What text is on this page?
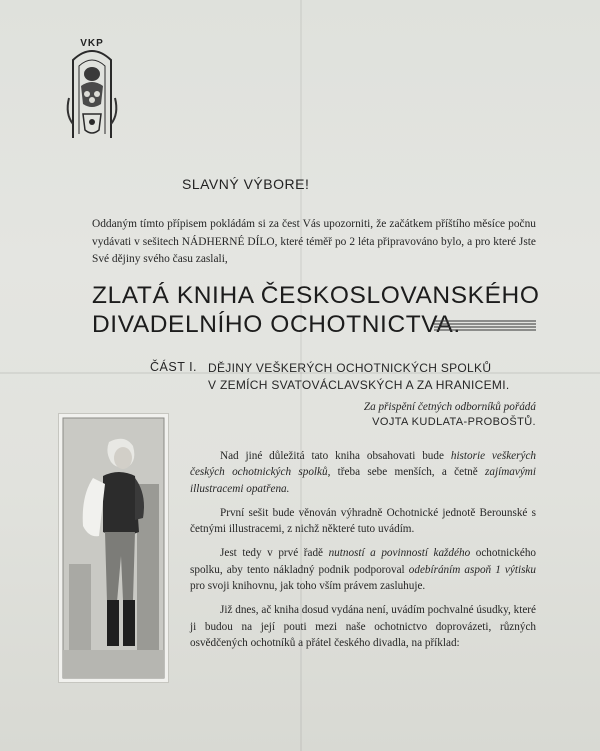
VKP
SLAVNÝ VÝBORE!
Oddaným tímto přípisem pokládám si za čest Vás upozorniti, že začátkem příštího měsíce počnu vydávati v sešitech NÁDHERNÉ DÍLO, které téměř po 2 léta připravováno bylo, a pro které Jste Své dějiny svého času zaslali,
ZLATÁ KNIHA ČESKOSLOVANSKÉHO
DIVADELNÍHO OCHOTNICTVA.
ČÁST I. DĚJINY VEŠKERÝCH OCHOTNICKÝCH SPOLKŮ
V ZEMÍCH SVATOVÁCLAVSKÝCH A ZA HRANICEMI.
Za přispění četných odborníků pořádá
VOJTA KUDLATA-PROBOŠTŮ.

Nad jiné důležitá tato kniha obsahovati bude historie veškerých českých ochotnických spolků, třeba sebe menších, a četně zajímavými illustracemi opatřena.

První sešit bude věnován výhradně Ochotnické jednotě Berounské s četnými illustracemi, z nichž některé tuto uvádím.

Jest tedy v prvé řadě nutností a povinností každého ochotnického spolku, aby tento nákladný podnik podporoval odebíráním aspoň 1 výtisku pro svoji knihovnu, jak toho vším právem zasluhuje.

Již dnes, ač kniha dosud vydána není, uvádím pochvalné úsudky, které ji budou na její pouti mezi naše ochotnictvo doprovázeti, různých osvědčených ochotníků a přátel českého divadla, na příklad:
